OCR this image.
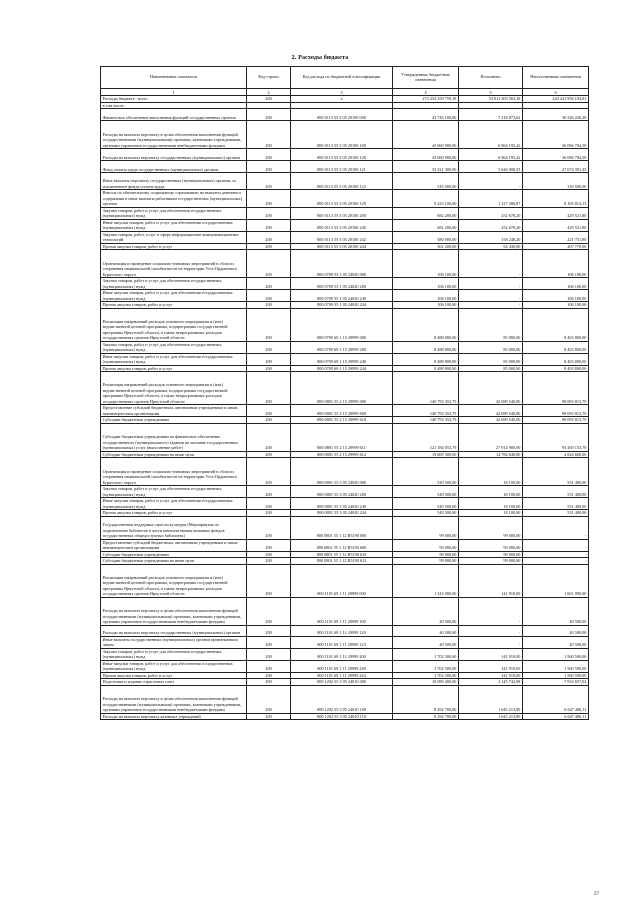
2. Расходы бюджета
Наименование показателя	Код строки	Код расхода по бюджетной классификации	Утвержденные бюджетные назначения	Исполнено	Неисполненные назначения
1	2	3	4	5	6
Расходы бюджета - всего	200	x	273 252 359 759,18	53 011 305 563,16	220 241 956 194,01
в том числе:					
Финансовое обеспечение выполнения функций государственных органов	200	800 0113 55 3 05 20100 000	43 745 100,00	7 218 873,62	36 526 226,38
Расходы на выплаты персоналу в целях обеспечения выполнения функций государственными (муниципальными) органами, казенными учреждениями, органами управления государственными внебюджетными фондами	200	800 0113 55 3 05 20100 100	43 060 900,00	6 964 195,42	36 096 704,58
Расходы на выплаты персоналу государственных (муниципальных) органов	200	800 0113 55 3 05 20100 120	43 060 900,00	6 964 195,42	36 096 704,58
Фонд оплаты труда государственных (муниципальных) органов	200	800 0113 55 3 05 20100 121	33 321 300,00	5 646 908,55	27 674 391,45
Иные выплаты персоналу государственных (муниципальных) органов, за исключением фонда оплаты труда	200	800 0113 55 3 05 20100 122	316 500,00	-	316 500,00
Взносы по обязательному социальному страхованию на выплаты денежного содержания и иные выплаты работникам государственных (муниципальных) органов	200	800 0113 55 3 05 20100 129	9 423 100,00	1 317 286,87	8 105 813,13
Закупка товаров, работ и услуг для обеспечения государственных (муниципальных) нужд	200	800 0113 55 3 05 20100 200	682 200,00	252 678,20	429 521,80
Иные закупки товаров, работ и услуг для обеспечения государственных (муниципальных) нужд	200	800 0113 55 3 05 20100 240	682 200,00	252 678,20	429 521,80
Закупка товаров, работ, услуг в сфере информационно-коммуникационных технологий	200	800 0113 55 3 05 20100 242	380 000,00	158 248,20	221 751,80
Прочая закупка товаров, работ и услуг	200	800 0113 55 3 05 20100 244	302 200,00	94 430,00	207 770,00
Организация и проведение социально-значимых мероприятий в области сохранения национальной самобытности на территории Усть-Ордынского Бурятского округа	200	800 0709 55 1 05 24020 000	106 100,00	-	106 100,00
Закупка товаров, работ и услуг для обеспечения государственных (муниципальных) нужд	200	800 0709 55 1 05 24020 200	106 100,00	-	106 100,00
Иные закупки товаров, работ и услуг для обеспечения государственных (муниципальных) нужд	200	800 0709 55 1 05 24020 240	106 100,00	-	106 100,00
Прочая закупка товаров, работ и услуг	200	800 0709 55 1 05 24020 244	106 100,00	-	106 100,00
Реализация направлений расходов основного мероприятия и (или) ведомственной целевой программы, подпрограммы государственной программы Иркутской области, а также непрограммных расходов государственных органов Иркутской области	200	800 0709 69 1 15 29999 000	8 488 800,00	85 000,00	8 403 800,00
Закупка товаров, работ и услуг для обеспечения государственных (муниципальных) нужд	200	800 0709 69 1 15 29999 200	8 488 800,00	85 000,00	8 403 800,00
Иные закупки товаров, работ и услуг для обеспечения государственных (муниципальных) нужд	200	800 0709 69 1 15 29999 240	8 488 800,00	85 000,00	8 403 800,00
Прочая закупка товаров, работ и услуг	200	800 0709 69 1 15 29999 244	8 488 800,00	85 000,00	8 403 800,00
Реализация направлений расходов основного мероприятия и (или) ведомственной целевой программы, подпрограммы государственной программы Иркутской области, а также непрограммных расходов государственных органов Иркутской области	200	800 0801 55 2 15 29999 000	140 793 353,79	42 699 540,00	98 093 813,79
Предоставление субсидий бюджетным, автономным учреждениям и иным некоммерческим организациям	200	800 0801 55 2 15 29999 600	140 793 353,79	42 699 540,00	98 093 813,79
Субсидии бюджетным учреждениям	200	800 0801 55 2 15 29999 610	140 793 353,79	42 699 540,00	98 093 813,79
Субсидии бюджетным учреждениям на финансовое обеспечение государственного (муниципального) задания на оказание государственных (муниципальных) услуг (выполнение работ)	200	800 0801 55 2 15 29999 611	121 184 053,79	27 914 900,00	93 269 153,79
Субсидии бюджетным учреждениям на иные цели	200	800 0801 55 2 15 29999 612	19 609 300,00	14 784 640,00	4 824 660,00
Организация и проведение социально-значимых мероприятий в области сохранения национальной самобытности на территории Усть-Ордынского Бурятского округа	200	800 0801 55 3 05 24020 000	549 500,00	18 100,00	531 400,00
Закупка товаров, работ и услуг для обеспечения государственных (муниципальных) нужд	200	800 0801 55 3 05 24020 200	549 500,00	18 100,00	531 400,00
Иные закупки товаров, работ и услуг для обеспечения государственных (муниципальных) нужд	200	800 0801 55 3 05 24020 240	549 500,00	18 100,00	531 400,00
Прочая закупка товаров, работ и услуг	200	800 0801 55 3 05 24020 244	549 500,00	18 100,00	531 400,00
Государственная поддержка отрасли культуры (Мероприятия по подключению библиотек в части комплектования книжных фондов государственных общедоступных библиотек)	200	800 0801 55 1 12 R5190 000	99 000,00	99 000,00	-
Предоставление субсидий бюджетным, автономным учреждениям и иным некоммерческим организациям	200	800 0801 55 1 12 R5190 600	99 000,00	99 000,00	-
Субсидии бюджетным учреждениям	200	800 0801 55 1 12 R5190 610	99 000,00	99 000,00	-
Субсидии бюджетным учреждениям на иные цели	200	800 0801 55 1 12 R5190 612	99 000,00	99 000,00	-
Реализация направлений расходов основного мероприятия и (или) ведомственной целевой программы, подпрограммы государственной программы Иркутской области, а также непрограммных расходов государственных органов Иркутской области	200	800 1101 69 1 11 29999 000	1 343 000,00	141 910,00	1 601 090,00
Расходы на выплаты персоналу в целях обеспечения выполнения функций государственными (муниципальными) органами, казенными учреждениями, органами управления государственными внебюджетными фондами	200	800 1101 69 1 11 29999 100	40 500,00	-	40 500,00
Расходы на выплаты персоналу государственных (муниципальных) органов	200	800 1101 69 1 11 29999 120	40 500,00	-	40 500,00
Иные выплаты государственных (муниципальных) органов привлекаемым лицам	200	800 1101 69 1 11 29999 123	40 500,00	-	40 500,00
Закупка товаров, работ и услуг для обеспечения государственных (муниципальных) нужд	200	800 1101 69 1 11 29999 200	1 702 500,00	141 910,00	1 560 590,00
Иные закупки товаров, работ и услуг для обеспечения государственных (муниципальных) нужд	200	800 1101 69 1 11 29999 240	1 702 500,00	141 910,00	1 560 590,00
Прочая закупка товаров, работ и услуг	200	800 1101 69 1 11 29999 244	1 702 500,00	141 910,00	1 560 590,00
Подготовка и издание отраслевых газет	200	800 1202 55 3 05 24010 000	10 080 400,00	2 145 742,98	7 934 657,02
Расходы на выплаты персоналу в целях обеспечения выполнения функций государственными (муниципальными) органами, казенными учреждениями, органами управления государственными внебюджетными фондами	200	800 1202 55 3 05 24010 100	8 292 700,00	1 645 213,89	6 647 486,11
Расходы на выплаты персоналу казенных учреждений	200	800 1202 55 3 05 24010 110	8 292 700,00	1 645 213,89	6 647 486,11
27
